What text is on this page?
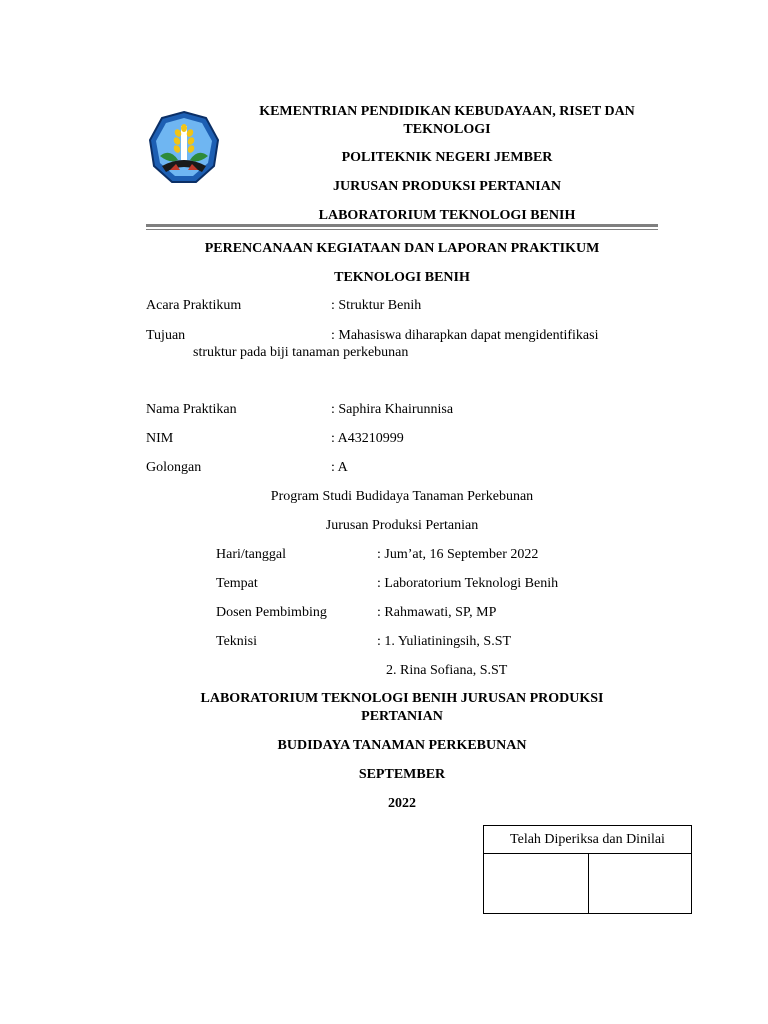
KEMENTRIAN PENDIDIKAN KEBUDAYAAN, RISET DAN
TEKNOLOGI
POLITEKNIK NEGERI JEMBER
JURUSAN PRODUKSI PERTANIAN
LABORATORIUM TEKNOLOGI BENIH
PERENCANAAN KEGIATAAN DAN LAPORAN PRAKTIKUM
TEKNOLOGI BENIH
Acara Praktikum	: Struktur Benih
Tujuan	: Mahasiswa diharapkan dapat mengidentifikasi
struktur pada biji tanaman perkebunan
Nama Praktikan	: Saphira Khairunnisa
NIM	: A43210999
Golongan	: A
Program Studi Budidaya Tanaman Perkebunan
Jurusan Produksi Pertanian
Hari/tanggal	: Jum’at, 16 September 2022
Tempat	: Laboratorium Teknologi Benih
Dosen Pembimbing	: Rahmawati, SP, MP
Teknisi	: 1. Yuliatiningsih, S.ST
2. Rina Sofiana, S.ST
LABORATORIUM TEKNOLOGI BENIH JURUSAN PRODUKSI
PERTANIAN
BUDIDAYA TANAMAN PERKEBUNAN
SEPTEMBER
2022
Telah Diperiksa dan Dinilai
